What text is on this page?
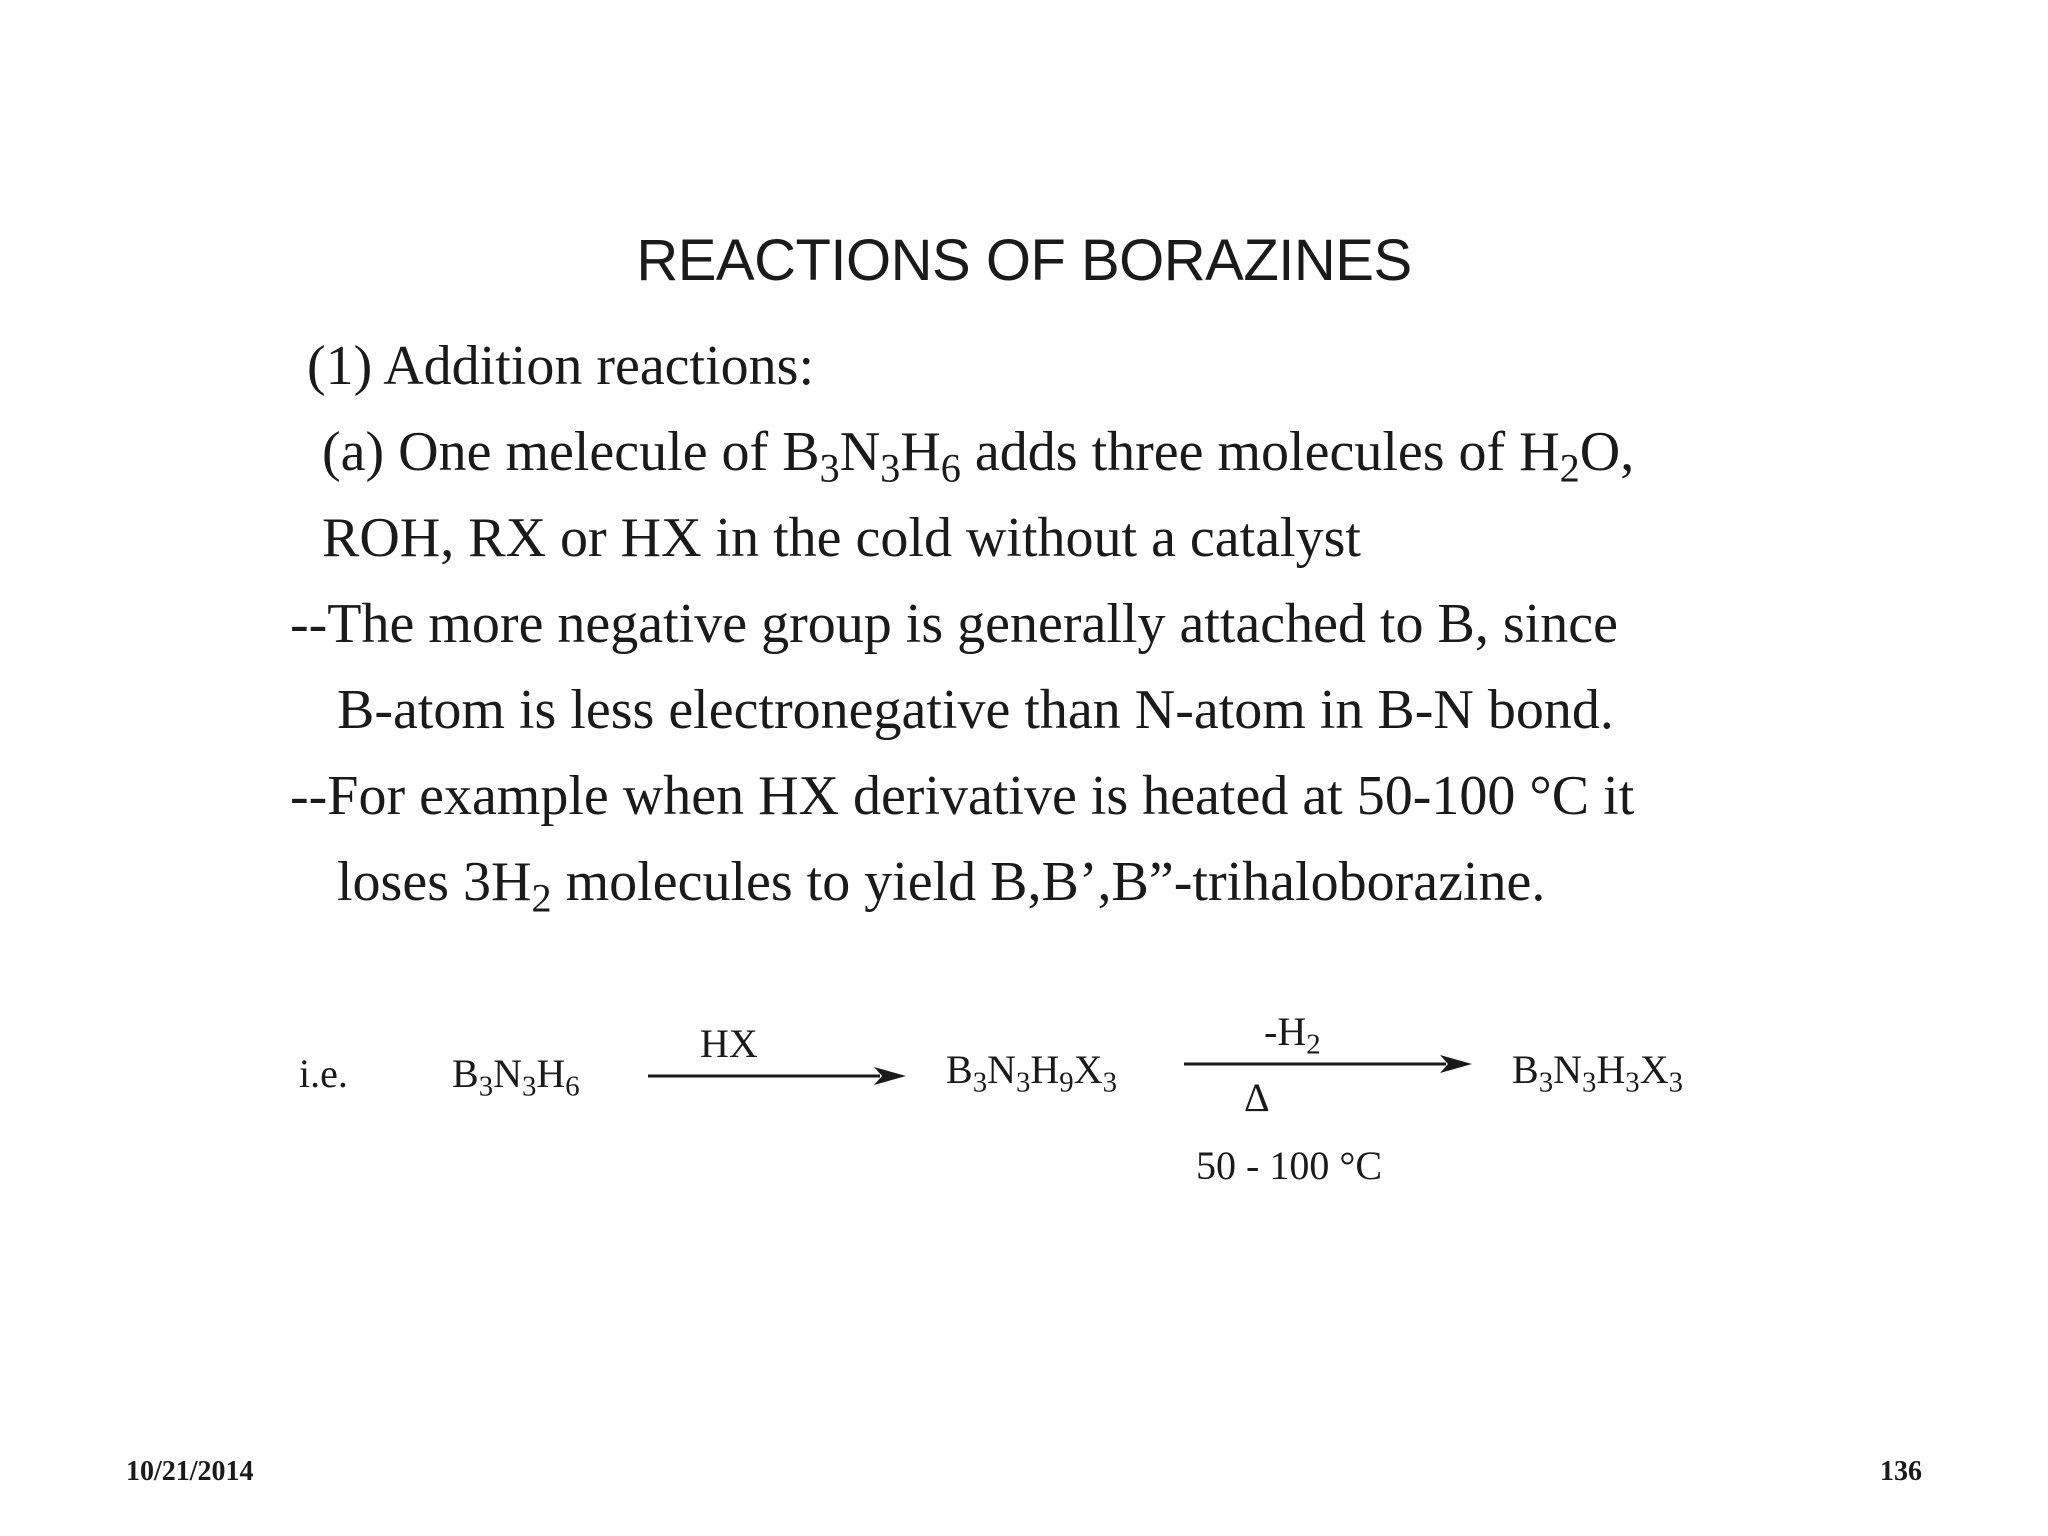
REACTIONS OF BORAZINES
(1) Addition reactions:
(a) One melecule of $B_3N_3H_6$ adds three molecules of $H_2O$,
ROH, RX or HX in the cold without a catalyst
--The more negative group is generally attached to B, since
B-atom is less electronegative than N-atom in B-N bond.
--For example when HX derivative is heated at 50-100 °C it
loses $3H_2$ molecules to yield B,B’,B”-trihaloborazine.
i.e.	$B_3N_3H_6$
HX
$B_3N_3H_9X_3$
$-H_2$
Δ
50 - 100 °C
$B_3N_3H_3X_3$
10/21/2014	136
